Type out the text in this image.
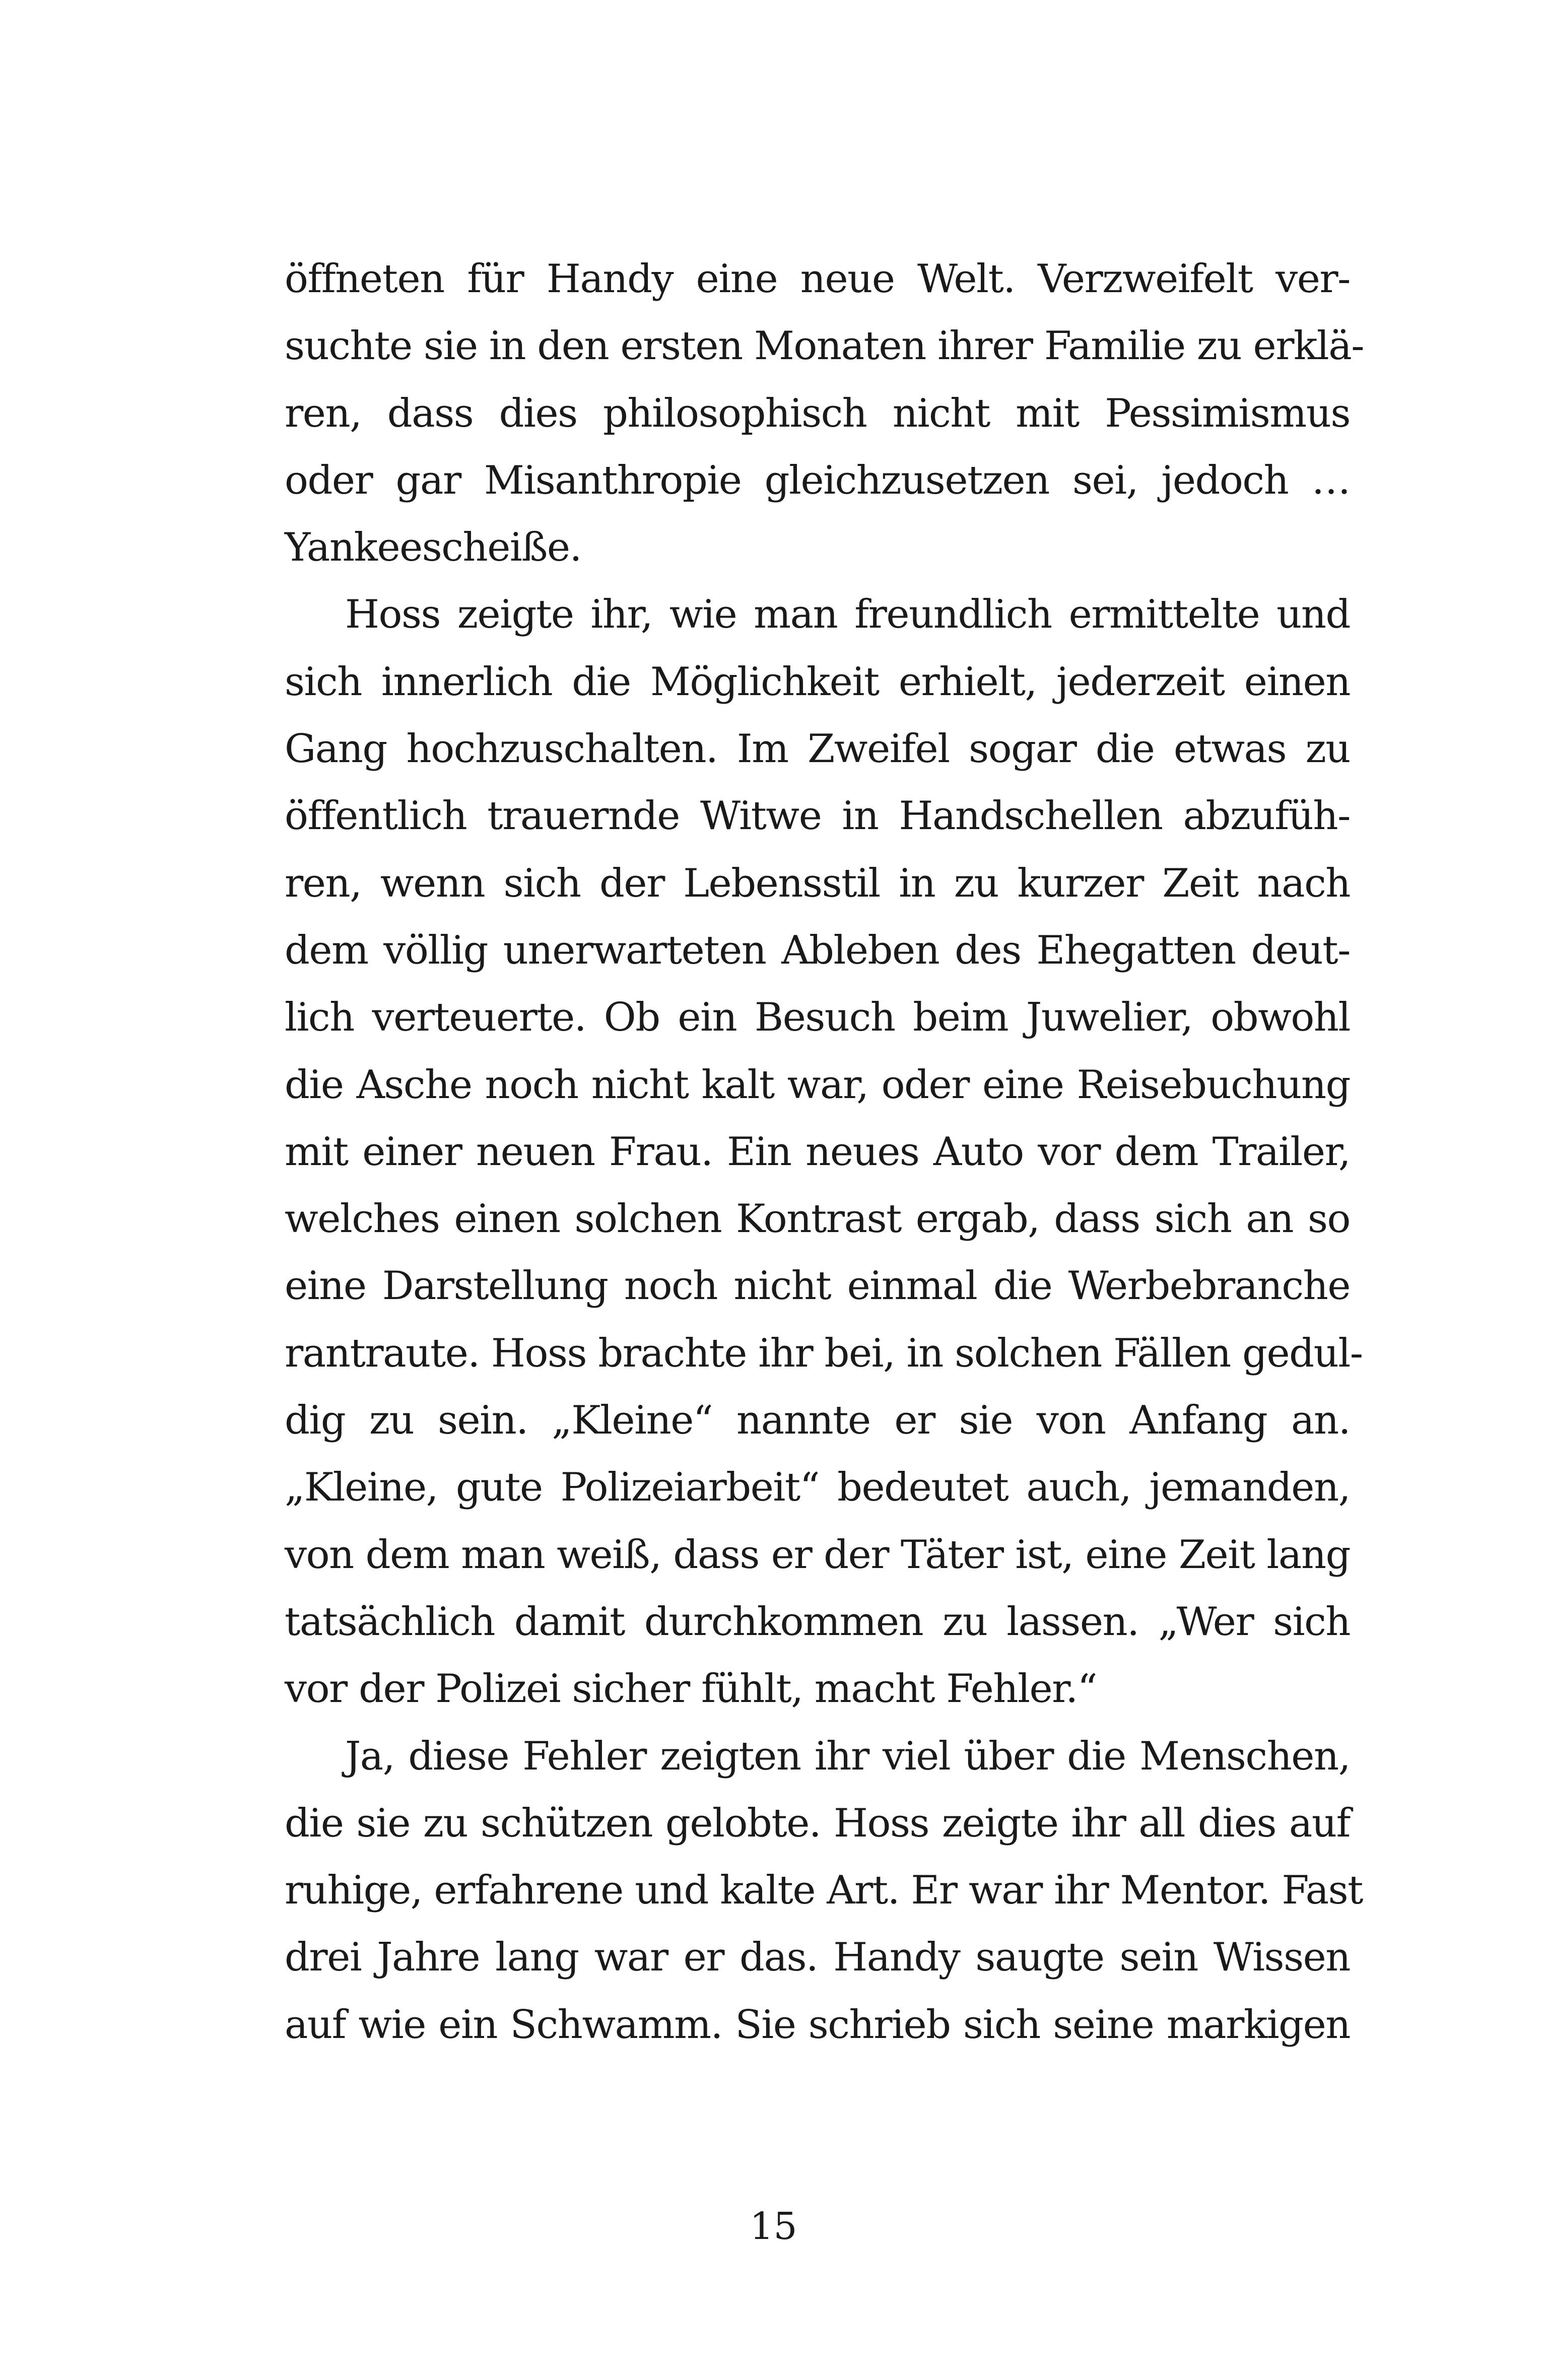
öffneten für Handy eine neue Welt. Verzweifelt ver-
suchte sie in den ersten Monaten ihrer Familie zu erklä-
ren, dass dies philosophisch nicht mit Pessimismus
oder gar Misanthropie gleichzusetzen sei, jedoch …
Yankeescheiße.
Hoss zeigte ihr, wie man freundlich ermittelte und
sich innerlich die Möglichkeit erhielt, jederzeit einen
Gang hochzuschalten. Im Zweifel sogar die etwas zu
öffentlich trauernde Witwe in Handschellen abzufüh-
ren, wenn sich der Lebensstil in zu kurzer Zeit nach
dem völlig unerwarteten Ableben des Ehegatten deut-
lich verteuerte. Ob ein Besuch beim Juwelier, obwohl
die Asche noch nicht kalt war, oder eine Reisebuchung
mit einer neuen Frau. Ein neues Auto vor dem Trailer,
welches einen solchen Kontrast ergab, dass sich an so
eine Darstellung noch nicht einmal die Werbebranche
rantraute. Hoss brachte ihr bei, in solchen Fällen gedul-
dig zu sein. „Kleine“ nannte er sie von Anfang an.
„Kleine, gute Polizeiarbeit“ bedeutet auch, jemanden,
von dem man weiß, dass er der Täter ist, eine Zeit lang
tatsächlich damit durchkommen zu lassen. „Wer sich
vor der Polizei sicher fühlt, macht Fehler.“
Ja, diese Fehler zeigten ihr viel über die Menschen,
die sie zu schützen gelobte. Hoss zeigte ihr all dies auf
ruhige, erfahrene und kalte Art. Er war ihr Mentor. Fast
drei Jahre lang war er das. Handy saugte sein Wissen
auf wie ein Schwamm. Sie schrieb sich seine markigen
15
